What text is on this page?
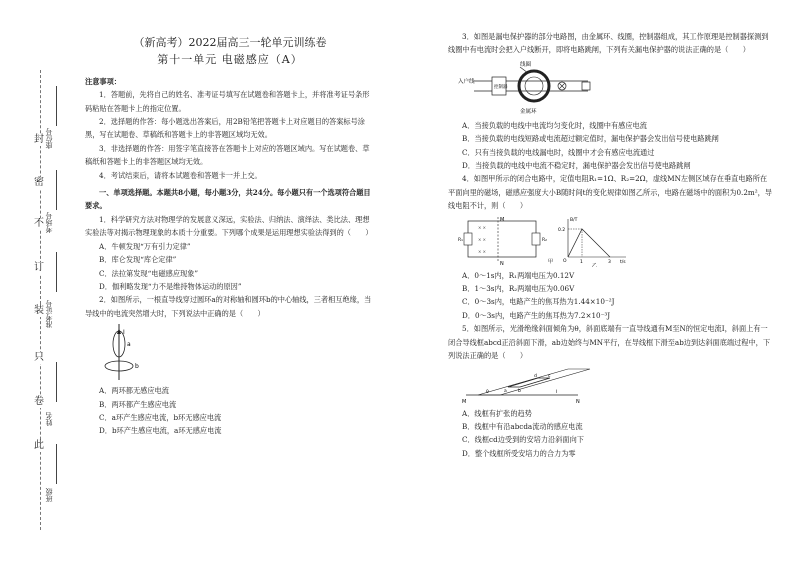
封
密
不
订
装
只
卷
此
座位号
考场号
准考证号
姓名
班级

（新高考）2022届高三一轮单元训练卷

第十一单元 电磁感应（A）

注意事项：

1．答题前，先将自己的姓名、准考证号填写在试题卷和答题卡上，并将准考证号条形码粘贴在答题卡上的指定位置。

2．选择题的作答：每小题选出答案后，用2B铅笔把答题卡上对应题目的答案标号涂黑，写在试题卷、草稿纸和答题卡上的非答题区域均无效。

3．非选择题的作答：用签字笔直接答在答题卡上对应的答题区域内。写在试题卷、草稿纸和答题卡上的非答题区域均无效。

4．考试结束后，请将本试题卷和答题卡一并上交。

一、单项选择题。本题共8小题，每小题3分，共24分。每小题只有一个选项符合题目要求。

1．科学研究方法对物理学的发展意义深远，实验法、归纳法、演绎法、类比法、理想实验法等对揭示物理现象的本质十分重要。下列哪个成果是运用理想实验法得到的（　　）

A．牛顿发现“万有引力定律”

B．库仑发现“库仑定律”

C．法拉第发现“电磁感应现象”

D．伽利略发现“力不是维持物体运动的原因”

2．如图所示，一根直导线穿过圆环a的对称轴和圆环b的中心轴线，三者相互绝缘，当导线中的电流突然增大时，下列说法中正确的是（　　）

I
a
b

A．两环都无感应电流

B．两环都产生感应电流

C．a环产生感应电流，b环无感应电流

D．b环产生感应电流，a环无感应电流

3．如图是漏电保护器的部分电路图，由金属环、线圈，控制器组成，其工作原理是控制器探测到线圈中有电流时会把入户线断开，即将电路跳闸，下列有关漏电保护器的说法正确的是（　　）

线圈
入户线
控制器
金属环

A．当接负载的电线中电流均匀变化时，线圈中有感应电流

B．当接负载的电线短路或电流超过额定值时，漏电保护器会发出信号使电路跳闸

C．只有当接负载的电线漏电时，线圈中才会有感应电流通过

D．当接负载的电线中电流不稳定时，漏电保护器会发出信号使电路跳闸

4．如图甲所示的闭合电路中，定值电阻R₁=1Ω、R₂=2Ω，虚线MN左侧区域存在垂直电路所在平面向里的磁场，磁感应强度大小B随时间t的变化规律如图乙所示，电路在磁场中的面积为0.2m²，导线电阻不计，则（　　）

M
N
R₁	R₂
× ×
× ×
× ×
甲
B/T
O	t/s
0.2
1	3
乙

A．0～1s内，R₁两端电压为0.12V

B．1～3s内，R₂两端电压为0.06V

C．0～3s内，电路产生的焦耳热为1.44×10⁻²J

D．0～3s内，电路产生的焦耳热为7.2×10⁻³J

5．如图所示，光滑绝缘斜面倾角为θ，斜面底端有一直导线通有M至N的恒定电流I，斜面上有一闭合导线框abcd正沿斜面下滑，ab边始终与MN平行，在导线框下滑至ab边到达斜面底端过程中，下列说法正确的是（　　）

M	N
a b
c
d
I
θ

A．线框有扩张的趋势

B．线框中有沿abcda流动的感应电流

C．线框cd边受到的安培力沿斜面向下

D．整个线框所受安培力的合力为零
